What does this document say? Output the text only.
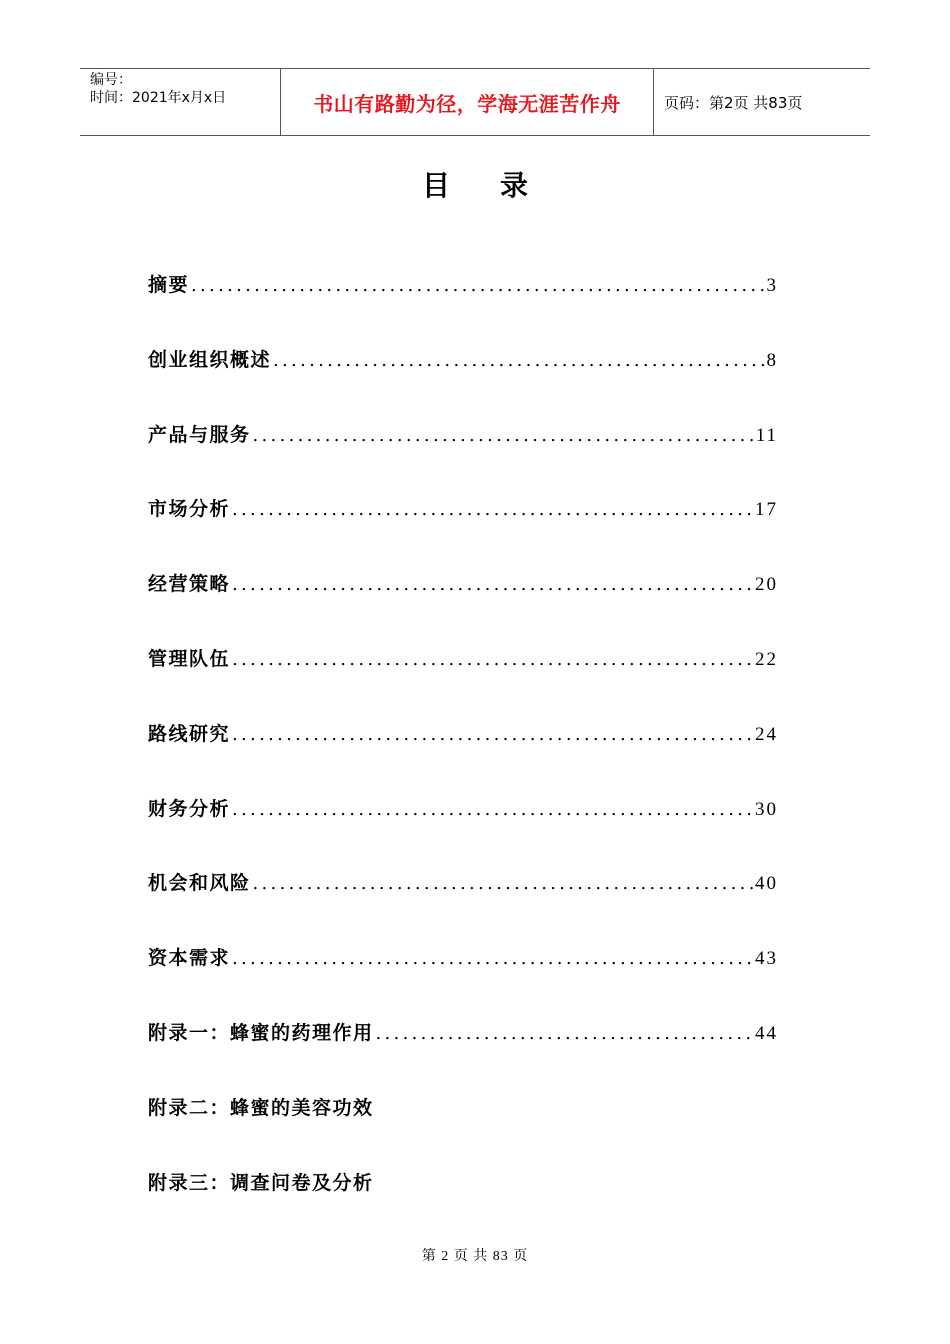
编号：
时间：2021年x月x日	书山有路勤为径，学海无涯苦作舟	页码：第2页 共83页
目录
摘要 .....	3
创业组织概述 .....	8
产品与服务 .....	11
市场分析 .....	17
经营策略 .....	20
管理队伍 .....	22
路线研究 .....	24
财务分析 .....	30
机会和风险 .....	40
资本需求 .....	43
附录一：蜂蜜的药理作用 .....	44
附录二：蜂蜜的美容功效
附录三：调查问卷及分析
第 2 页 共 83 页
